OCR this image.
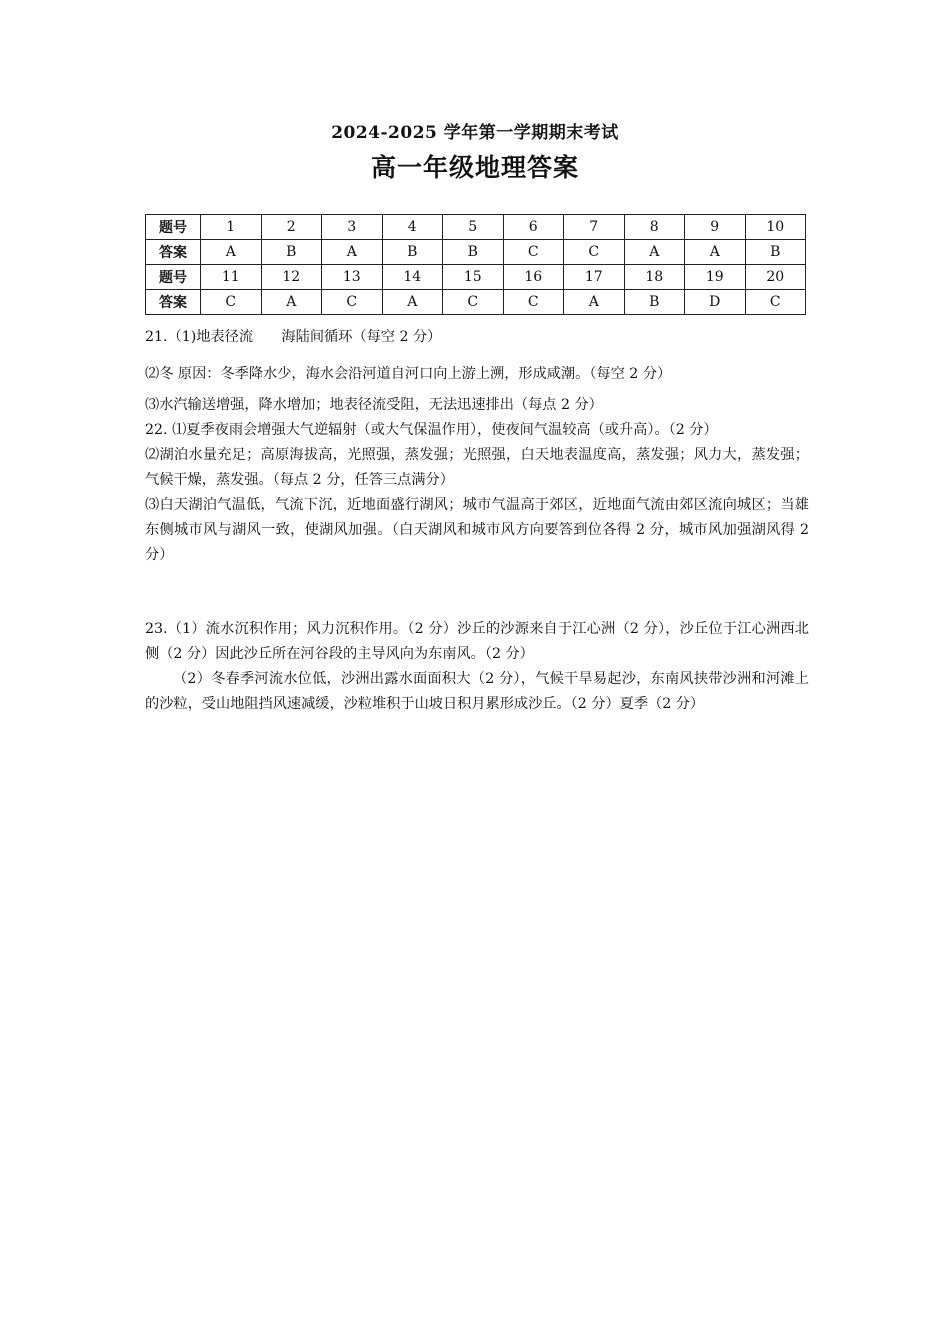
2024-2025 学年第一学期期末考试
高一年级地理答案
题号	1	2	3	4	5	6	7	8	9	10
答案	A	B	A	B	B	C	C	A	A	B
题号	11	12	13	14	15	16	17	18	19	20
答案	C	A	C	A	C	C	A	B	D	C

21.（1)地表径流　　海陆间循环（每空 2 分）

⑵冬 原因：冬季降水少，海水会沿河道自河口向上游上溯，形成咸潮。（每空 2 分）

⑶水汽输送增强，降水增加；地表径流受阻，无法迅速排出（每点 2 分）

22. ⑴夏季夜雨会增强大气逆辐射（或大气保温作用），使夜间气温较高（或升高）。（2 分）

⑵湖泊水量充足；高原海拔高，光照强，蒸发强；光照强，白天地表温度高，蒸发强；风力大，蒸发强；气候干燥，蒸发强。（每点 2 分，任答三点满分）

⑶白天湖泊气温低，气流下沉，近地面盛行湖风；城市气温高于郊区，近地面气流由郊区流向城区；当雄东侧城市风与湖风一致，使湖风加强。（白天湖风和城市风方向要答到位各得 2 分，城市风加强湖风得 2 分）

23.（1）流水沉积作用；风力沉积作用。（2 分）沙丘的沙源来自于江心洲（2 分），沙丘位于江心洲西北侧（2 分）因此沙丘所在河谷段的主导风向为东南风。（2 分）

（2）冬春季河流水位低，沙洲出露水面面积大（2 分），气候干旱易起沙，东南风挟带沙洲和河滩上的沙粒，受山地阻挡风速减缓，沙粒堆积于山坡日积月累形成沙丘。（2 分）夏季（2 分）
